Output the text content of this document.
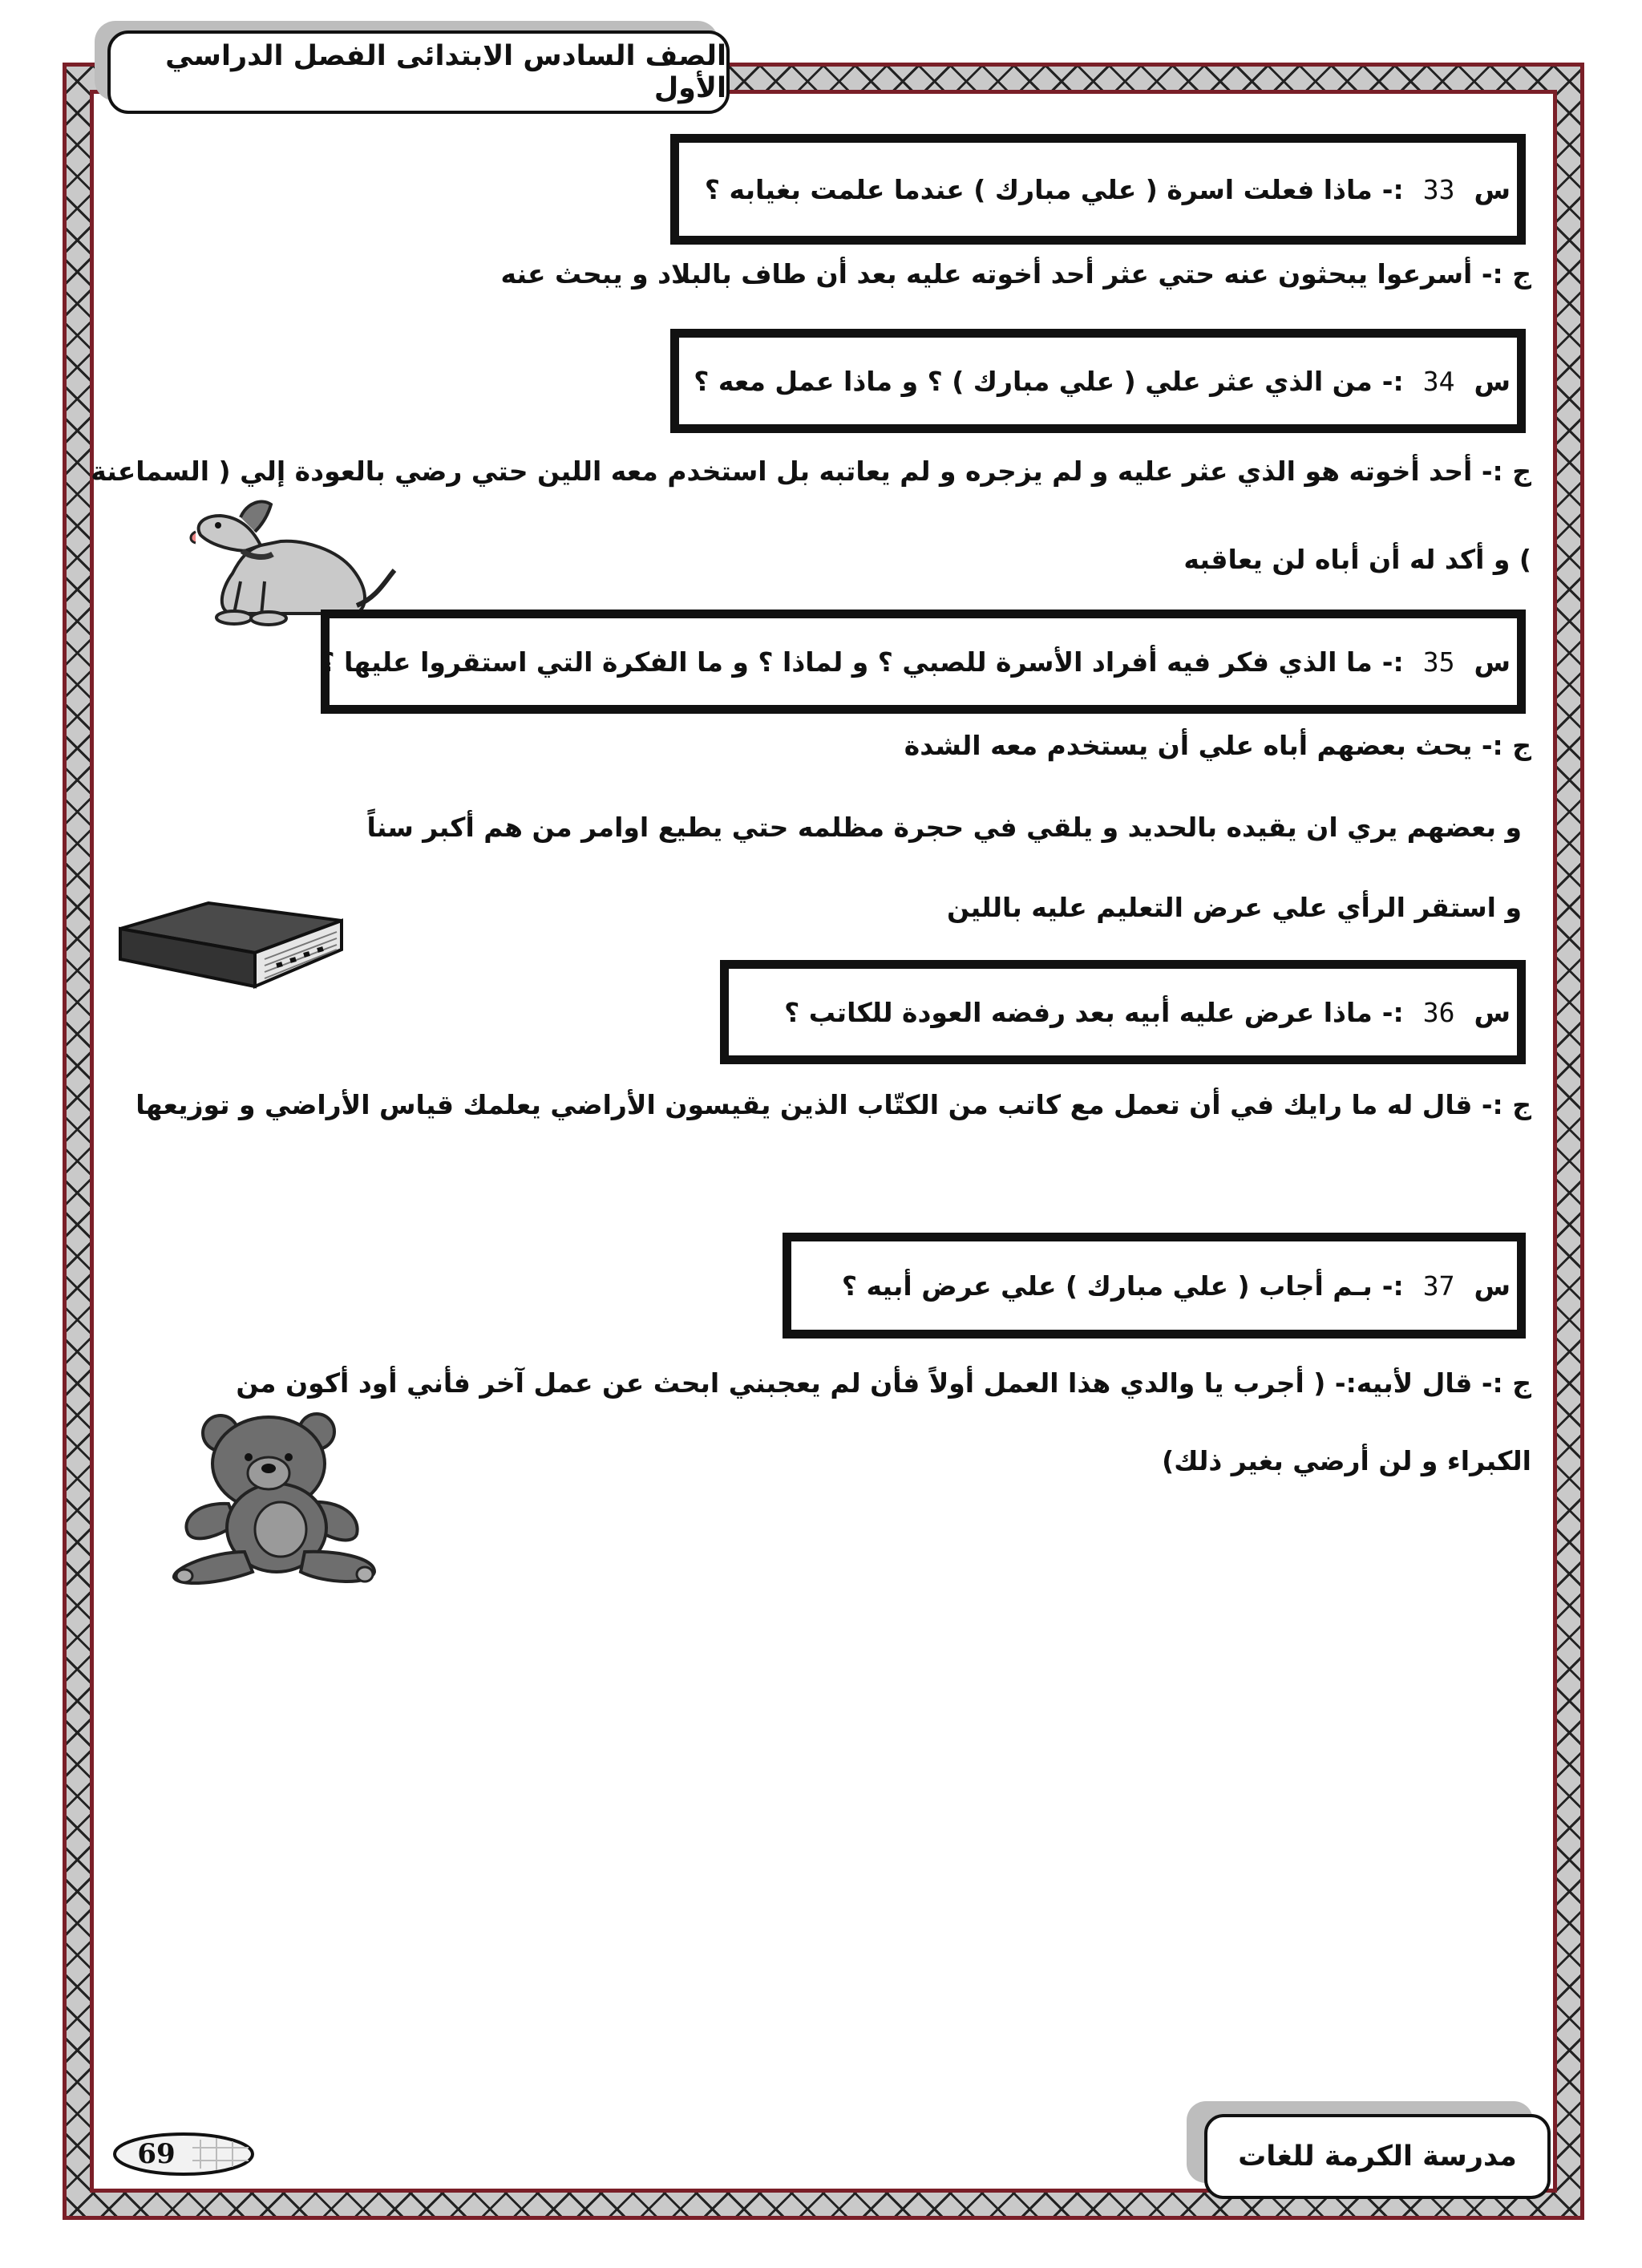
الصف السادس الابتدائى الفصل الدراسي الأول
س
33
:-
ماذا فعلت اسرة ( علي مبارك ) عندما علمت بغيابه ؟
ج :- أسرعوا يبحثون عنه حتي عثر أحد أخوته عليه بعد أن طاف بالبلاد و يبحث عنه
س
34
:-
من الذي عثر علي ( علي مبارك ) ؟ و ماذا عمل معه ؟
ج :- أحد أخوته هو الذي عثر عليه و لم يزجره و لم يعاتبه بل استخدم معه اللين حتي رضي بالعودة إلي ( السماعنة
) و أكد له أن أباه لن يعاقبه
س
35
:-
ما الذي فكر فيه أفراد الأسرة للصبي ؟ و لماذا ؟ و ما الفكرة التي استقروا عليها ؟
ج :- يحث بعضهم أباه علي أن يستخدم معه الشدة
و بعضهم يري ان يقيده بالحديد و يلقي في حجرة مظلمه حتي يطيع اوامر من هم أكبر سناً
و استقر الرأي علي عرض التعليم عليه باللين
س
36
:-
ماذا عرض عليه أبيه بعد رفضه العودة للكاتب ؟
ج :- قال له ما رايك في أن تعمل مع كاتب من الكتّاب الذين يقيسون الأراضي يعلمك قياس الأراضي و توزيعها
س
37
:-
بـم أجاب ( علي مبارك ) علي عرض أبيه ؟
ج :- قال لأبيه:- ( أجرب يا والدي هذا العمل أولاً فأن لم يعجبني ابحث عن عمل آخر فأني أود أكون من
الكبراء و لن أرضي بغير ذلك)
69	مدرسة الكرمة للغات
